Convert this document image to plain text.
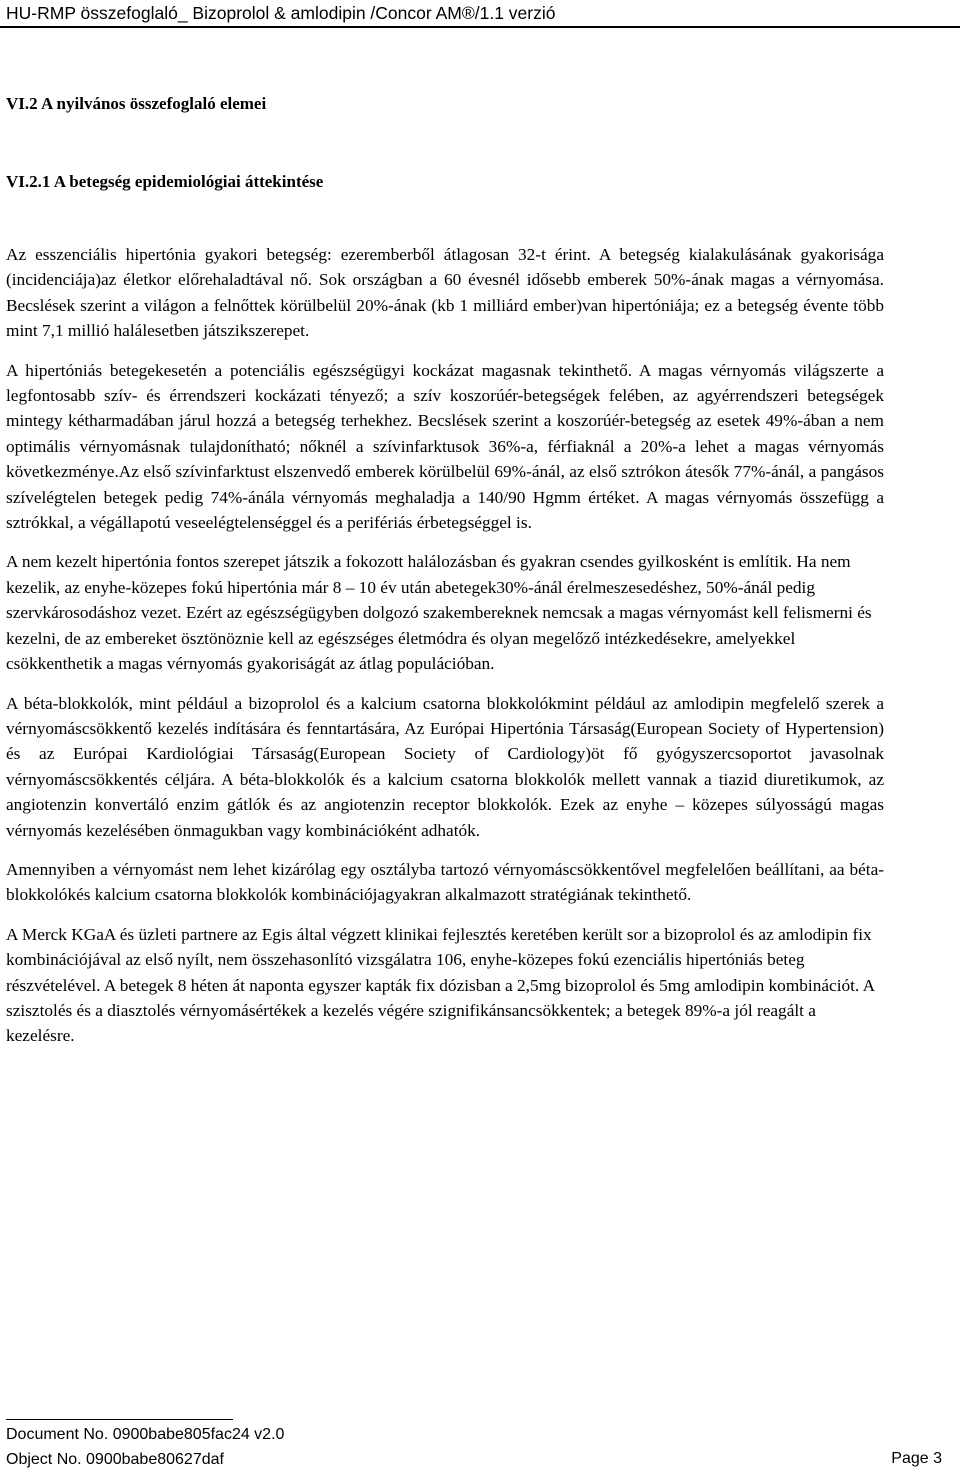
HU-RMP összefoglaló_ Bizoprolol & amlodipin /Concor AM®/1.1 verzió
VI.2 A nyilvános összefoglaló elemei
VI.2.1 A betegség epidemiológiai áttekintése

Az esszenciális hipertónia gyakori betegség: ezeremberből átlagosan 32-t érint. A betegség kialakulásának gyakorisága (incidenciája)az életkor előrehaladtával nő. Sok országban a 60 évesnél idősebb emberek 50%-ának magas a vérnyomása. Becslések szerint a világon a felnőttek körülbelül 20%-ának (kb 1 milliárd ember)van hipertóniája; ez a betegség évente több mint 7,1 millió halálesetben játszikszerepet.

A hipertóniás betegekesetén a potenciális egészségügyi kockázat magasnak tekinthető. A magas vérnyomás világszerte a legfontosabb szív- és érrendszeri kockázati tényező; a szív koszorúér-betegségek felében, az agyérrendszeri betegségek mintegy kétharmadában járul hozzá a betegség terhekhez. Becslések szerint a koszorúér-betegség az esetek 49%-ában a nem optimális vérnyomásnak tulajdonítható; nőknél a szívinfarktusok 36%-a, férfiaknál a 20%-a lehet a magas vérnyomás következménye.Az első szívinfarktust elszenvedő emberek körülbelül 69%-ánál, az első sztrókon átesők 77%-ánál, a pangásos szívelégtelen betegek pedig 74%-ánála vérnyomás meghaladja a 140/90 Hgmm értéket. A magas vérnyomás összefügg a sztrókkal, a végállapotú veseelégtelenséggel és a perifériás érbetegséggel is.

A nem kezelt hipertónia fontos szerepet játszik a fokozott halálozásban és gyakran csendes gyilkosként is említik. Ha nem kezelik, az enyhe-közepes fokú hipertónia már 8 – 10 év után abetegek30%-ánál érelmeszesedéshez, 50%-ánál pedig szervkárosodáshoz vezet. Ezért az egészségügyben dolgozó szakembereknek nemcsak a magas vérnyomást kell felismerni és kezelni, de az embereket ösztönöznie kell az egészséges életmódra és olyan megelőző intézkedésekre, amelyekkel csökkenthetik a magas vérnyomás gyakoriságát az átlag populációban.

A béta-blokkolók, mint például a bizoprolol és a kalcium csatorna blokkolókmint például az amlodipin megfelelő szerek a vérnyomáscsökkentő kezelés indítására és fenntartására, Az Európai Hipertónia Társaság(European Society of Hypertension) és az Európai Kardiológiai Társaság(European Society of Cardiology)öt fő gyógyszercsoportot javasolnak vérnyomáscsökkentés céljára. A béta-blokkolók és a kalcium csatorna blokkolók mellett vannak a tiazid diuretikumok, az angiotenzin konvertáló enzim gátlók és az angiotenzin receptor blokkolók. Ezek az enyhe – közepes súlyosságú magas vérnyomás kezelésében önmagukban vagy kombinációként adhatók.

Amennyiben a vérnyomást nem lehet kizárólag egy osztályba tartozó vérnyomáscsökkentővel megfelelően beállítani, aa béta-blokkolókés kalcium csatorna blokkolók kombinációjagyakran alkalmazott stratégiának tekinthető.

A Merck KGaA és üzleti partnere az Egis által végzett klinikai fejlesztés keretében került sor a bizoprolol és az amlodipin fix kombinációjával az első nyílt, nem összehasonlító vizsgálatra 106, enyhe-közepes fokú ezenciális hipertóniás beteg részvételével. A betegek 8 héten át naponta egyszer kapták fix dózisban a 2,5mg bizoprolol és 5mg amlodipin kombinációt. A szisztolés és a diasztolés vérnyomásértékek a kezelés végére szignifikánsancsökkentek; a betegek 89%-a jól reagált a kezelésre.

Document No. 0900babe805fac24 v2.0
Object No. 0900babe80627daf	Page 3
